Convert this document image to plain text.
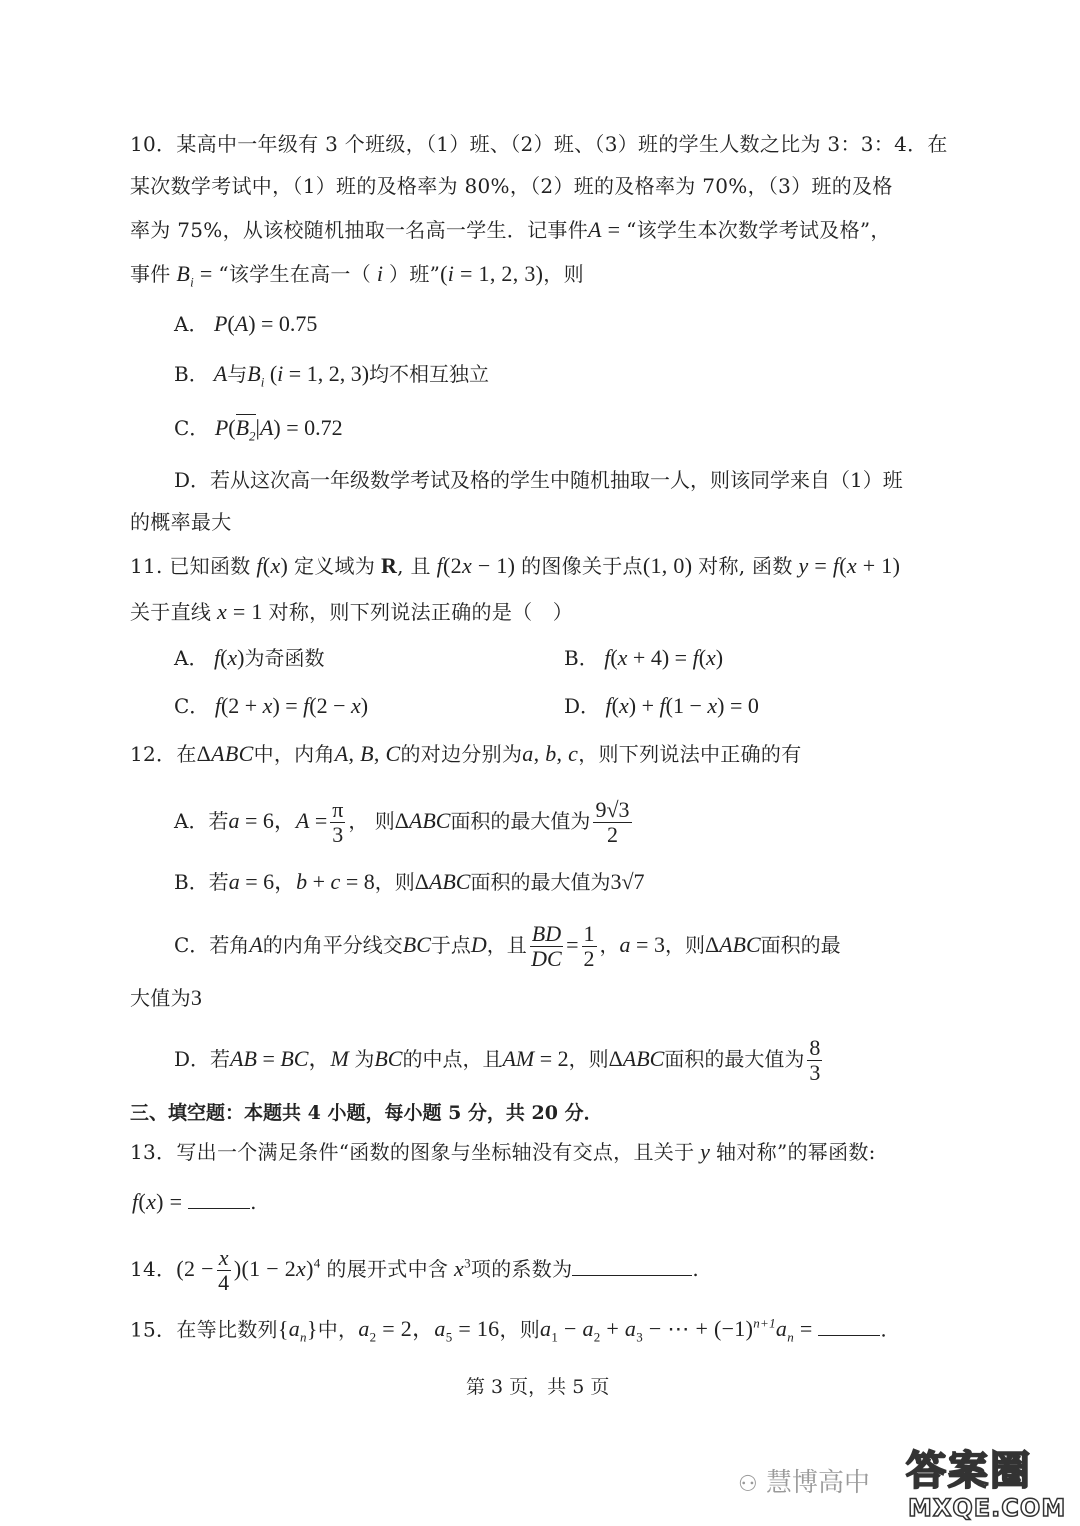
10．某高中一年级有 3 个班级，（1）班、（2）班、（3）班的学生人数之比为 3：3：4．在
某次数学考试中，（1）班的及格率为 80%，（2）班的及格率为 70%，（3）班的及格
率为 75%，从该校随机抽取一名高一学生．记事件A = “该学生本次数学考试及格”，
事件 $B_i$ = “该学生在高一（ i ）班”(i = 1, 2, 3)，则
A． P(A) = 0.75
B． A与$B_i$ (i = 1, 2, 3)均不相互独立
C． $P(B_2|A) = 0.72$
D．若从这次高一年级数学考试及格的学生中随机抽取一人，则该同学来自（1）班
的概率最大
11. 已知函数 f(x) 定义域为 R, 且 f(2x − 1) 的图像关于点(1, 0) 对称, 函数 y = f(x + 1)
关于直线 x = 1 对称，则下列说法正确的是（　）
A． f(x)为奇函数	B． f(x + 4) = f(x)
C． f(2 + x) = f(2 − x)	D． f(x) + f(1 − x) = 0
12．在ΔABC中，内角A, B, C的对边分别为a, b, c，则下列说法中正确的有
A．若a = 6，$A = \frac{\pi}{3}$ ， 则ΔABC面积的最大值为 $\frac{9√3}{2}$
B．若a = 6，b + c = 8，则ΔABC面积的最大值为3√7
C．若角A的内角平分线交BC于点D，且 $\frac{BD}{DC} = \frac{1}{2}$ ，a = 3，则ΔABC面积的最
大值为3
D．若AB = BC，M 为BC的中点，且AM = 2，则ΔABC面积的最大值为 $\frac{8}{3}$
三、填空题：本题共 4 小题，每小题 5 分，共 20 分．
13．写出一个满足条件“函数的图象与坐标轴没有交点，且关于 y 轴对称”的幂函数:
f(x) =	.
14．$(2 - \frac{x}{4} )(1 - 2x)^4$ 的展开式中含 $x^3$项的系数为	.
15．在等比数列$\{a_n\}$中，$a_2 = 2$，$a_5 = 16$，则$a_1 - a_2 + a_3$ − ⋯ + $(-1)^{n+1}a_n$ =	.
第 3 页，共 5 页
⚇ 慧博高中 答案圈
MXQE.COM
